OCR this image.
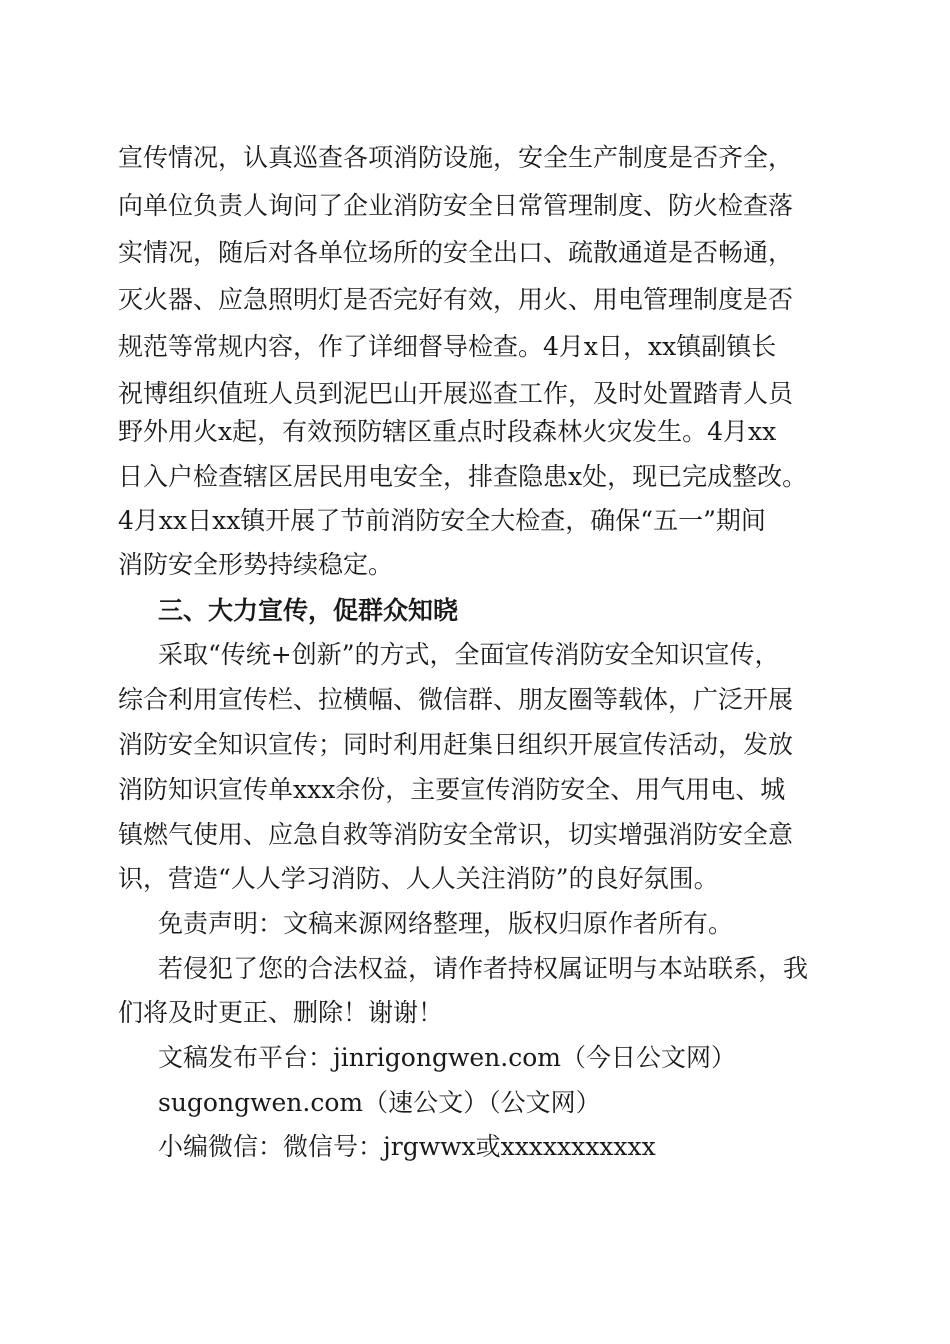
宣传情况，认真巡查各项消防设施，安全生产制度是否齐全，

向单位负责人询问了企业消防安全日常管理制度、防火检查落

实情况，随后对各单位场所的安全出口、疏散通道是否畅通，

灭火器、应急照明灯是否完好有效，用火、用电管理制度是否

规范等常规内容，作了详细督导检查。4月x日，xx镇副镇长

祝博组织值班人员到泥巴山开展巡查工作，及时处置踏青人员

野外用火x起，有效预防辖区重点时段森林火灾发生。4月xx

日入户检查辖区居民用电安全，排查隐患x处，现已完成整改。

4月xx日xx镇开展了节前消防安全大检查，确保“五一”期间

消防安全形势持续稳定。

三、大力宣传，促群众知晓

采取“传统+创新”的方式，全面宣传消防安全知识宣传，

综合利用宣传栏、拉横幅、微信群、朋友圈等载体，广泛开展

消防安全知识宣传；同时利用赶集日组织开展宣传活动，发放

消防知识宣传单xxx余份，主要宣传消防安全、用气用电、城

镇燃气使用、应急自救等消防安全常识，切实增强消防安全意

识，营造“人人学习消防、人人关注消防”的良好氛围。

免责声明：文稿来源网络整理，版权归原作者所有。

若侵犯了您的合法权益，请作者持权属证明与本站联系，我

们将及时更正、删除！谢谢！

文稿发布平台：jinrigongwen.com（今日公文网）

sugongwen.com（速公文）（公文网）

小编微信：微信号：jrgwwx或xxxxxxxxxxx
